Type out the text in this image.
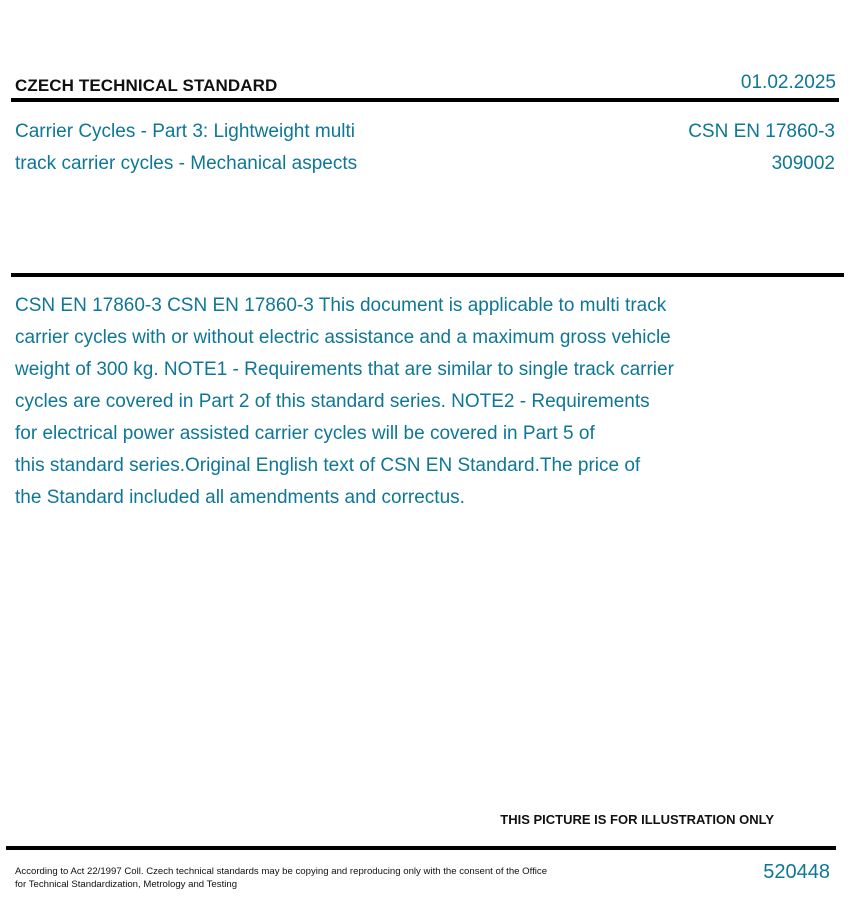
CZECH TECHNICAL STANDARD	01.02.2025
Carrier Cycles - Part 3: Lightweight multi
track carrier cycles - Mechanical aspects
CSN EN 17860-3
309002
CSN EN 17860-3 CSN EN 17860-3 This document is applicable to multi track
carrier cycles with or without electric assistance and a maximum gross vehicle
weight of 300 kg. NOTE1 - Requirements that are similar to single track carrier
cycles are covered in Part 2 of this standard series. NOTE2 - Requirements
for electrical power assisted carrier cycles will be covered in Part 5 of
this standard series.Original English text of CSN EN Standard.The price of
the Standard included all amendments and correctus.
THIS PICTURE IS FOR ILLUSTRATION ONLY
According to Act 22/1997 Coll. Czech technical standards may be copying and reproducing only with the consent of the Office
for Technical Standardization, Metrology and Testing
520448
